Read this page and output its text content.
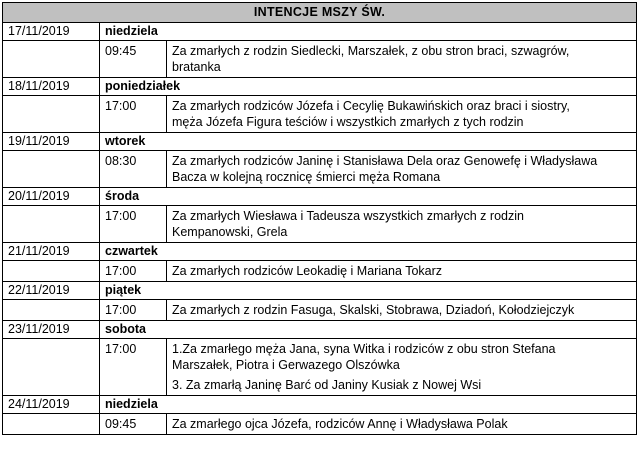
INTENCJE MSZY ŚW.		
17/11/2019	niedziela	
	09:45	Za zmarłych z rodzin Siedlecki, Marszałek, z obu stron braci, szwagrów,
bratanka

18/11/2019	poniedziałek	
	17:00	Za zmarłych rodziców Józefa i Cecylię Bukawińskich oraz braci i siostry,
męża Józefa Figura teściów i wszystkich zmarłych z tych rodzin

19/11/2019	wtorek	
	08:30	Za zmarłych rodziców Janinę i Stanisława Dela oraz Genowefę i Władysława
Bacza w kolejną rocznicę śmierci męża Romana

20/11/2019	środa	
	17:00	Za zmarłych Wiesława i Tadeusza wszystkich zmarłych z rodzin
Kempanowski, Grela

21/11/2019	czwartek	
	17:00	Za zmarłych rodziców Leokadię i Mariana Tokarz

22/11/2019	piątek	
	17:00	Za zmarłych z rodzin Fasuga, Skalski, Stobrawa, Dziadoń, Kołodziejczyk

23/11/2019	sobota	
	17:00	1.Za zmarłego męża Jana, syna Witka i rodziców z obu stron Stefana
Marszałek, Piotra i Gerwazego Olszówka
3. Za zmarłą Janinę Barć od Janiny Kusiak z Nowej Wsi

24/11/2019	niedziela	
	09:45	Za zmarłego ojca Józefa, rodziców Annę i Władysława Polak
